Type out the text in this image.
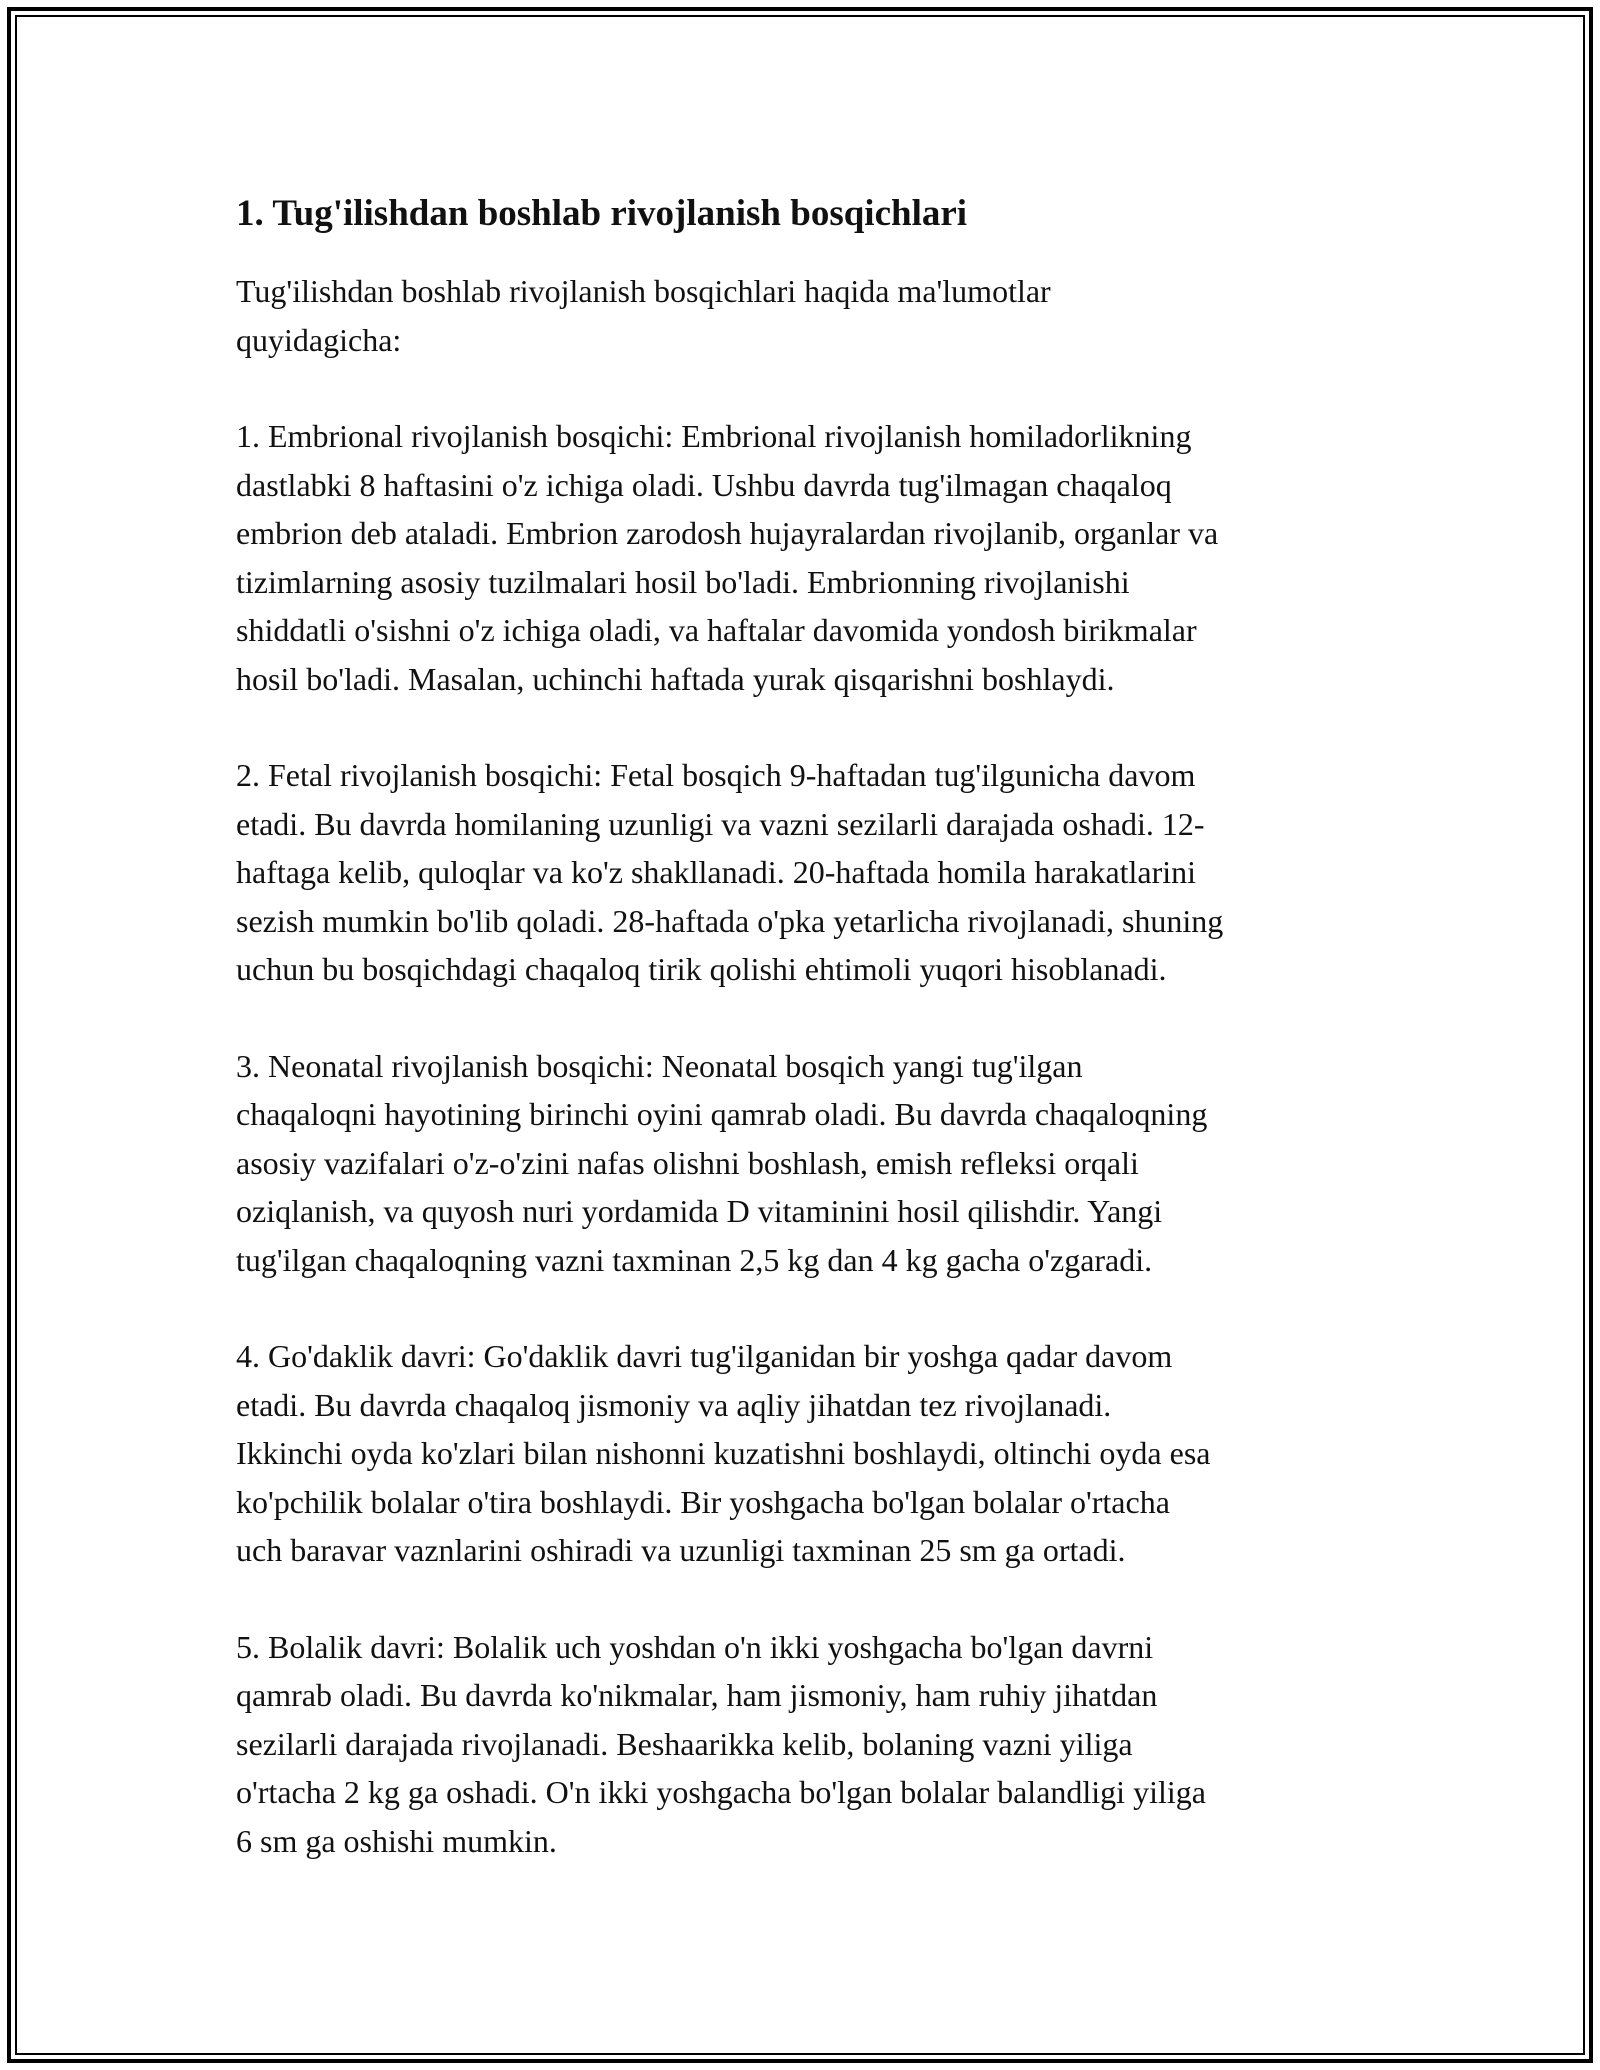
1. Tug'ilishdan boshlab rivojlanish bosqichlari

Tug'ilishdan boshlab rivojlanish bosqichlari haqida ma'lumotlar
quyidagicha:

1. Embrional rivojlanish bosqichi: Embrional rivojlanish homiladorlikning
dastlabki 8 haftasini o'z ichiga oladi. Ushbu davrda tug'ilmagan chaqaloq
embrion deb ataladi. Embrion zarodosh hujayralardan rivojlanib, organlar va
tizimlarning asosiy tuzilmalari hosil bo'ladi. Embrionning rivojlanishi
shiddatli o'sishni o'z ichiga oladi, va haftalar davomida yondosh birikmalar
hosil bo'ladi. Masalan, uchinchi haftada yurak qisqarishni boshlaydi.

2. Fetal rivojlanish bosqichi: Fetal bosqich 9-haftadan tug'ilgunicha davom
etadi. Bu davrda homilaning uzunligi va vazni sezilarli darajada oshadi. 12-
haftaga kelib, quloqlar va ko'z shakllanadi. 20-haftada homila harakatlarini
sezish mumkin bo'lib qoladi. 28-haftada o'pka yetarlicha rivojlanadi, shuning
uchun bu bosqichdagi chaqaloq tirik qolishi ehtimoli yuqori hisoblanadi.

3. Neonatal rivojlanish bosqichi: Neonatal bosqich yangi tug'ilgan
chaqaloqni hayotining birinchi oyini qamrab oladi. Bu davrda chaqaloqning
asosiy vazifalari o'z-o'zini nafas olishni boshlash, emish refleksi orqali
oziqlanish, va quyosh nuri yordamida D vitaminini hosil qilishdir. Yangi
tug'ilgan chaqaloqning vazni taxminan 2,5 kg dan 4 kg gacha o'zgaradi.

4. Go'daklik davri: Go'daklik davri tug'ilganidan bir yoshga qadar davom
etadi. Bu davrda chaqaloq jismoniy va aqliy jihatdan tez rivojlanadi.
Ikkinchi oyda ko'zlari bilan nishonni kuzatishni boshlaydi, oltinchi oyda esa
ko'pchilik bolalar o'tira boshlaydi. Bir yoshgacha bo'lgan bolalar o'rtacha
uch baravar vaznlarini oshiradi va uzunligi taxminan 25 sm ga ortadi.

5. Bolalik davri: Bolalik uch yoshdan o'n ikki yoshgacha bo'lgan davrni
qamrab oladi. Bu davrda ko'nikmalar, ham jismoniy, ham ruhiy jihatdan
sezilarli darajada rivojlanadi. Beshaarikka kelib, bolaning vazni yiliga
o'rtacha 2 kg ga oshadi. O'n ikki yoshgacha bo'lgan bolalar balandligi yiliga
6 sm ga oshishi mumkin.
